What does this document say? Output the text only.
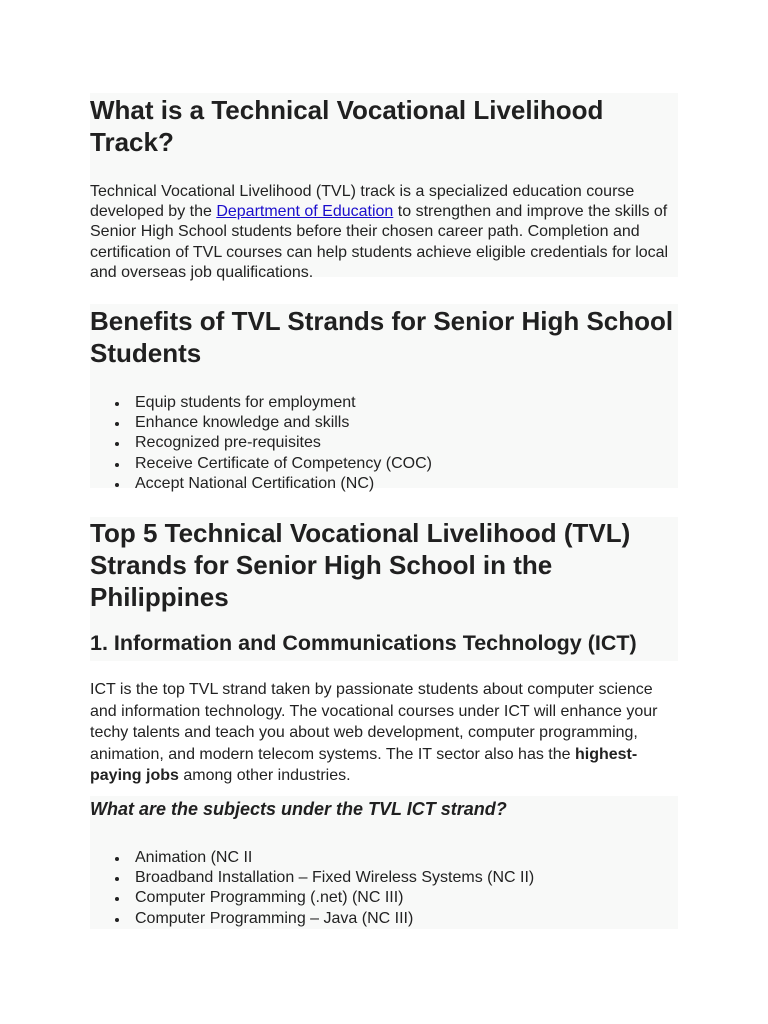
What is a Technical Vocational Livelihood Track?

Technical Vocational Livelihood (TVL) track is a specialized education course developed by the Department of Education to strengthen and improve the skills of Senior High School students before their chosen career path. Completion and certification of TVL courses can help students achieve eligible credentials for local and overseas job qualifications.

Benefits of TVL Strands for Senior High School Students
Equip students for employment
Enhance knowledge and skills
Recognized pre-requisites
Receive Certificate of Competency (COC)
Accept National Certification (NC)
Top 5 Technical Vocational Livelihood (TVL) Strands for Senior High School in the Philippines
1. Information and Communications Technology (ICT)

ICT is the top TVL strand taken by passionate students about computer science and information technology. The vocational courses under ICT will enhance your techy talents and teach you about web development, computer programming, animation, and modern telecom systems. The IT sector also has the highest-paying jobs among other industries.

What are the subjects under the TVL ICT strand?
Animation (NC II
Broadband Installation – Fixed Wireless Systems (NC II)
Computer Programming (.net) (NC III)
Computer Programming – Java (NC III)
